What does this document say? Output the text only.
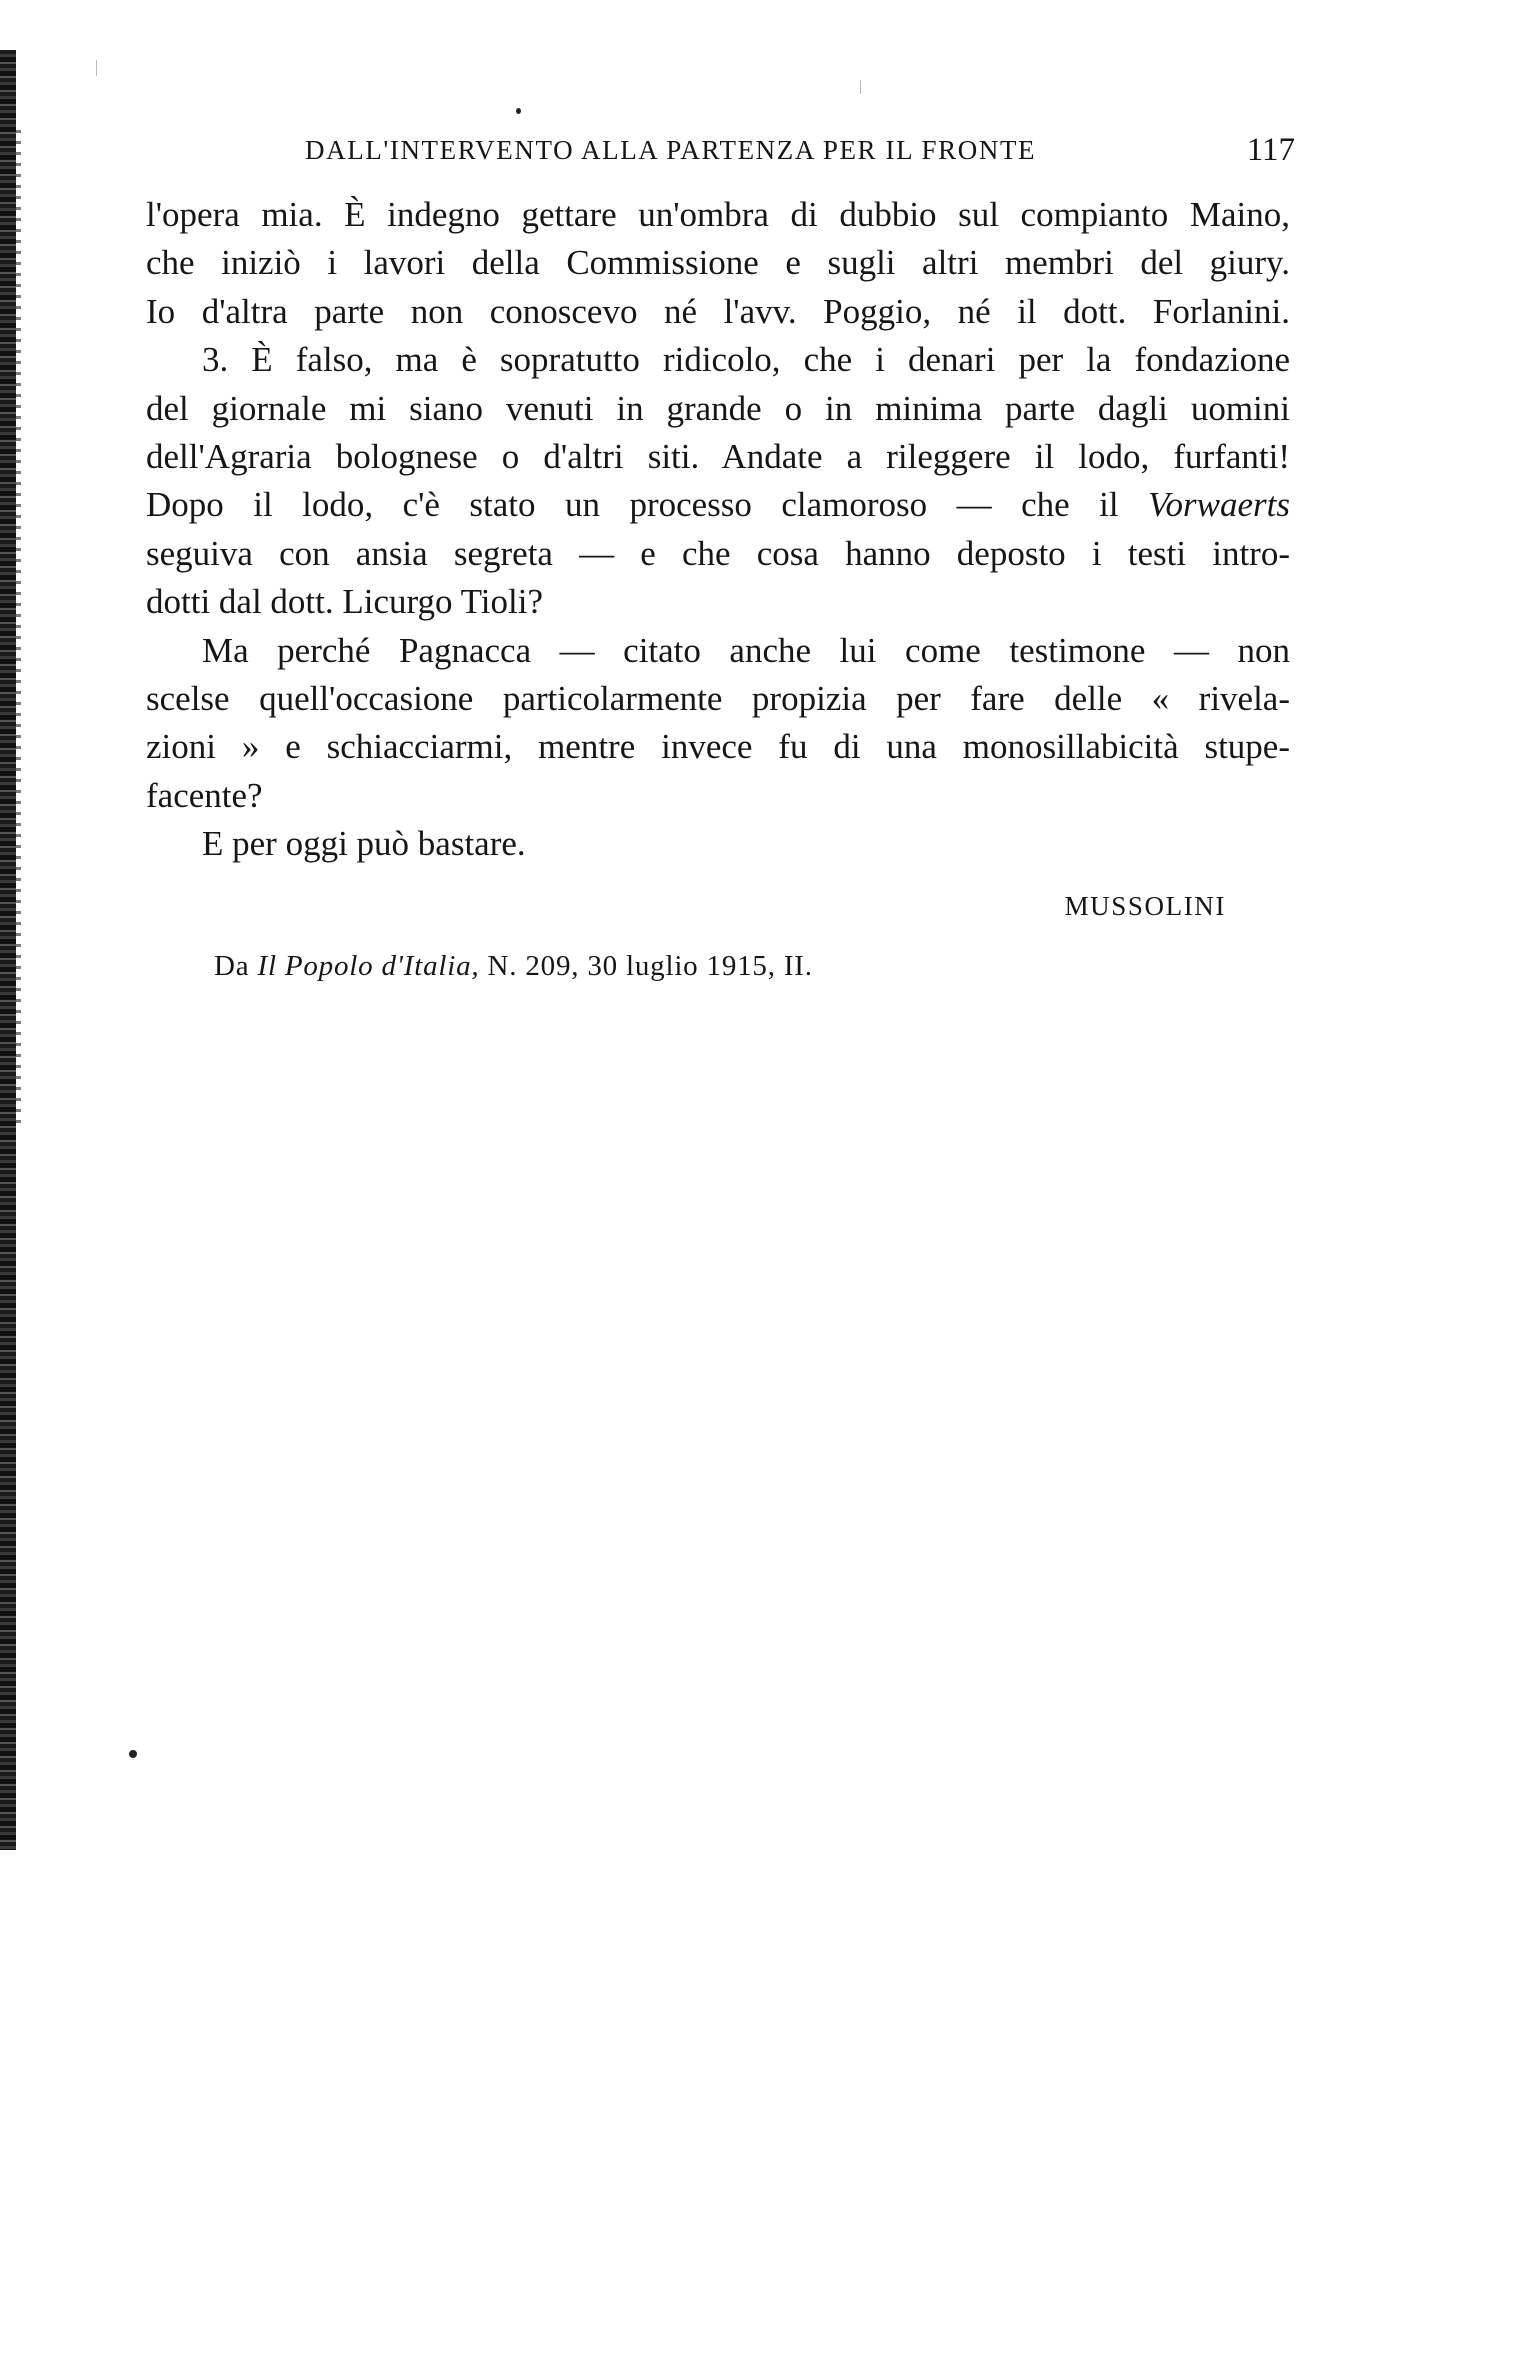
DALL'INTERVENTO ALLA PARTENZA PER IL FRONTE	117
l'opera mia. È indegno gettare un'ombra di dubbio sul compianto Maino,
che iniziò i lavori della Commissione e sugli altri membri del giury.
Io d'altra parte non conoscevo né l'avv. Poggio, né il dott. Forlanini.
3. È falso, ma è sopratutto ridicolo, che i denari per la fondazione
del giornale mi siano venuti in grande o in minima parte dagli uomini
dell'Agraria bolognese o d'altri siti. Andate a rileggere il lodo, furfanti!
Dopo il lodo, c'è stato un processo clamoroso — che il Vorwaerts
seguiva con ansia segreta — e che cosa hanno deposto i testi intro-
dotti dal dott. Licurgo Tioli?
Ma perché Pagnacca — citato anche lui come testimone — non
scelse quell'occasione particolarmente propizia per fare delle « rivela-
zioni » e schiacciarmi, mentre invece fu di una monosillabicità stupe-
facente?
E per oggi può bastare.
MUSSOLINI
Da Il Popolo d'Italia, N. 209, 30 luglio 1915, II.
